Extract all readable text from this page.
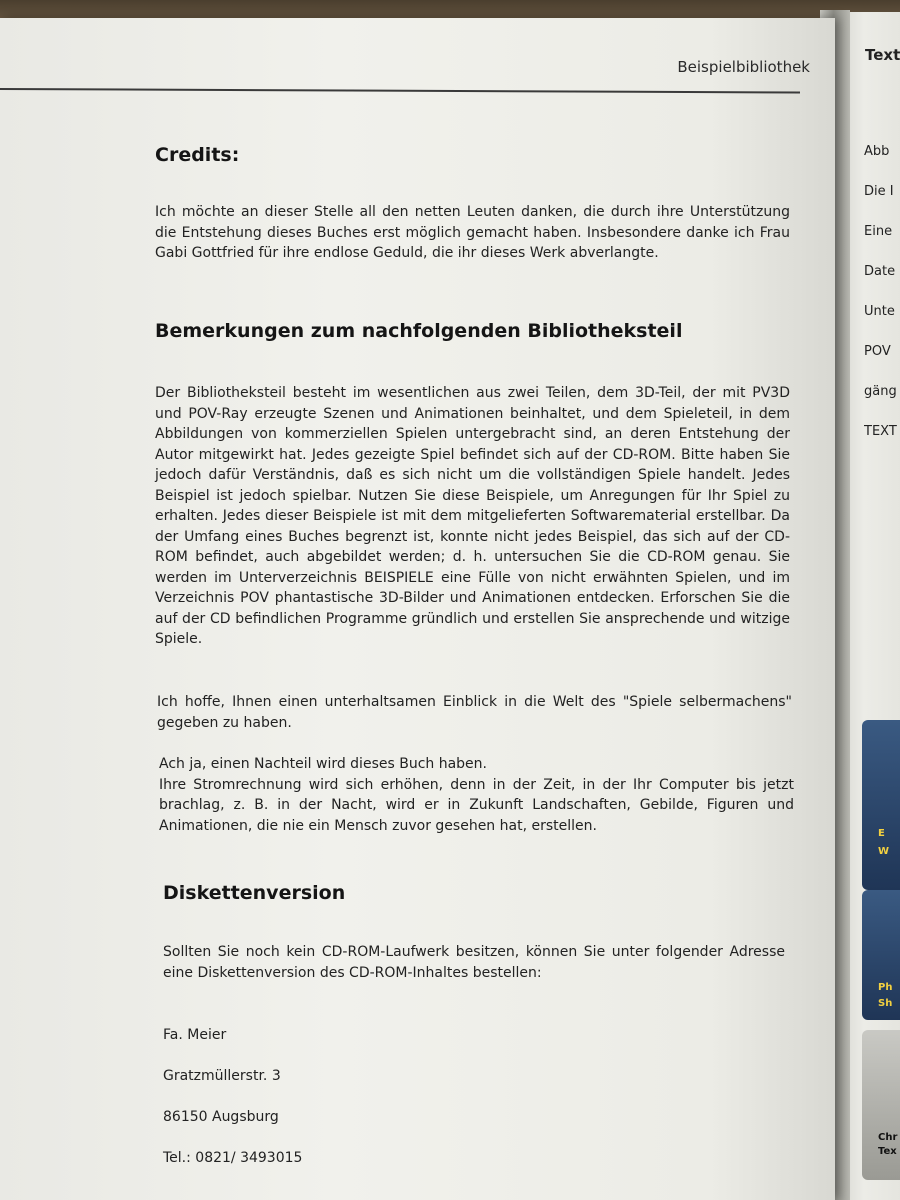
Beispielbibliothek
Credits:

Ich möchte an dieser Stelle all den netten Leuten danken, die durch ihre Unterstützung die Entstehung dieses Buches erst möglich gemacht haben. Insbesondere danke ich Frau Gabi Gottfried für ihre endlose Geduld, die ihr dieses Werk abverlangte.

Bemerkungen zum nachfolgenden Bibliotheksteil

Der Bibliotheksteil besteht im wesentlichen aus zwei Teilen, dem 3D-Teil, der mit PV3D und POV-Ray erzeugte Szenen und Animationen beinhaltet, und dem Spieleteil, in dem Abbildungen von kommerziellen Spielen untergebracht sind, an deren Entstehung der Autor mitgewirkt hat. Jedes gezeigte Spiel befindet sich auf der CD-ROM. Bitte haben Sie jedoch dafür Verständnis, daß es sich nicht um die vollständigen Spiele handelt. Jedes Beispiel ist jedoch spielbar. Nutzen Sie diese Beispiele, um Anregungen für Ihr Spiel zu erhalten. Jedes dieser Beispiele ist mit dem mitgelieferten Softwarematerial erstellbar. Da der Umfang eines Buches begrenzt ist, konnte nicht jedes Beispiel, das sich auf der CD-ROM befindet, auch abgebildet werden; d. h. untersuchen Sie die CD-ROM genau. Sie werden im Unterverzeichnis BEISPIELE eine Fülle von nicht erwähnten Spielen, und im Verzeichnis POV phantastische 3D-Bilder und Animationen entdecken. Erforschen Sie die auf der CD befindlichen Programme gründlich und erstellen Sie ansprechende und witzige Spiele.

Ich hoffe, Ihnen einen unterhaltsamen Einblick in die Welt des "Spiele selbermachens" gegeben zu haben.

Ach ja, einen Nachteil wird dieses Buch haben.
Ihre Stromrechnung wird sich erhöhen, denn in der Zeit, in der Ihr Computer bis jetzt brachlag, z. B. in der Nacht, wird er in Zukunft Landschaften, Gebilde, Figuren und Animationen, die nie ein Mensch zuvor gesehen hat, erstellen.

Diskettenversion

Sollten Sie noch kein CD-ROM-Laufwerk besitzen, können Sie unter folgender Adresse eine Diskettenversion des CD-ROM-Inhaltes bestellen:

Fa. Meier

Gratzmüllerstr. 3

86150 Augsburg

Tel.: 0821/ 3493015

Text

Abb

Die I

Eine

Date

Unte

POV

gäng

TEXT

E
W
Ph
Sh
Chr
Tex
